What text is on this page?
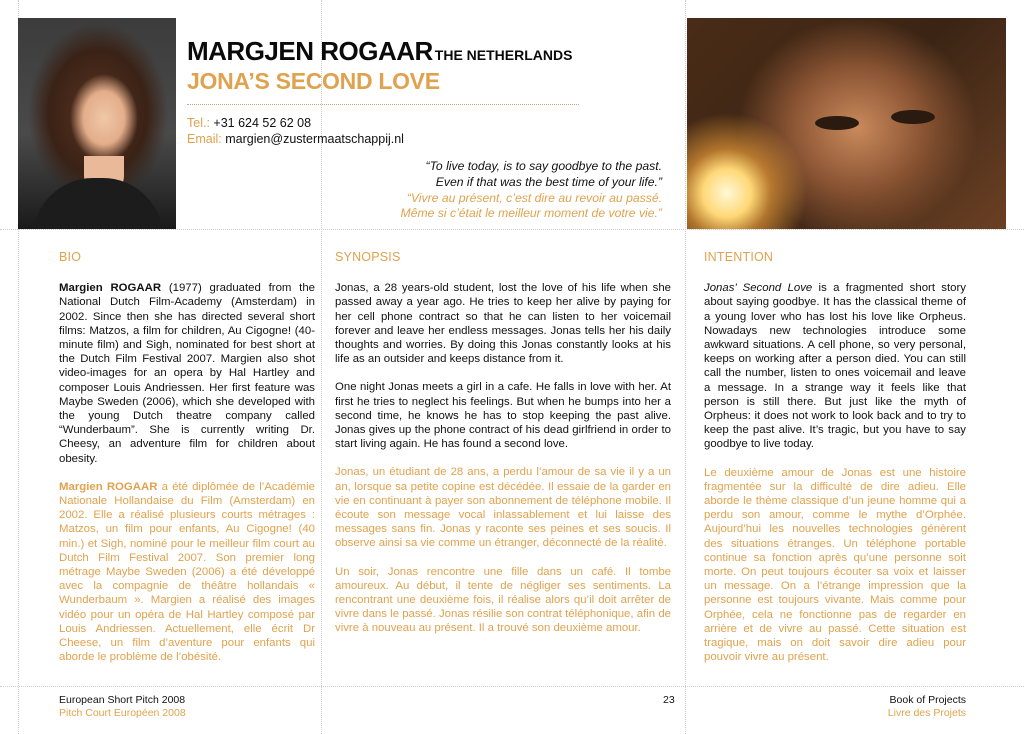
MARGJEN ROGAAR THE NETHERLANDS
JONA’S SECOND LOVE
Tel.: +31 624 52 62 08
Email: margien@zustermaatschappij.nl
“To live today, is to say goodbye to the past.
Even if that was the best time of your life.”
“Vivre au présent, c’est dire au revoir au passé.
Même si c’était le meilleur moment de votre vie.”
BIO

Margien ROGAAR (1977) graduated from the National Dutch Film-Academy (Amsterdam) in 2002. Since then she has directed several short films: Matzos, a film for children, Au Cigogne! (40-minute film) and Sigh, nominated for best short at the Dutch Film Festival 2007. Margien also shot video-images for an opera by Hal Hartley and composer Louis Andriessen. Her first feature was Maybe Sweden (2006), which she developed with the young Dutch theatre company called “Wunderbaum”. She is currently writing Dr. Cheesy, an adventure film for children about obesity.

Margien ROGAAR a été diplômée de l’Académie Nationale Hollandaise du Film (Amsterdam) en 2002. Elle a réalisé plusieurs courts métrages : Matzos, un film pour enfants, Au Cigogne! (40 min.) et Sigh, nominé pour le meilleur film court au Dutch Film Festival 2007. Son premier long métrage Maybe Sweden (2006) a été développé avec la compagnie de théâtre hollandais « Wunderbaum ». Margien a réalisé des images vidéo pour un opéra de Hal Hartley composé par Louis Andriessen. Actuellement, elle écrit Dr Cheese, un film d’aventure pour enfants qui aborde le problème de l’obésité.

SYNOPSIS

Jonas, a 28 years-old student, lost the love of his life when she passed away a year ago. He tries to keep her alive by paying for her cell phone contract so that he can listen to her voicemail forever and leave her endless messages. Jonas tells her his daily thoughts and worries. By doing this Jonas constantly looks at his life as an outsider and keeps distance from it.

One night Jonas meets a girl in a cafe. He falls in love with her. At first he tries to neglect his feelings. But when he bumps into her a second time, he knows he has to stop keeping the past alive. Jonas gives up the phone contract of his dead girlfriend in order to start living again. He has found a second love.

Jonas, un étudiant de 28 ans, a perdu l’amour de sa vie il y a un an, lorsque sa petite copine est décédée. Il essaie de la garder en vie en continuant à payer son abonnement de téléphone mobile. Il écoute son message vocal inlassablement et lui laisse des messages sans fin. Jonas y raconte ses peines et ses soucis. Il observe ainsi sa vie comme un étranger, déconnecté de la réalité.

Un soir, Jonas rencontre une fille dans un café. Il tombe amoureux. Au début, il tente de négliger ses sentiments. La rencontrant une deuxième fois, il réalise alors qu’il doit arrêter de vivre dans le passé. Jonas résilie son contrat téléphonique, afin de vivre à nouveau au présent. Il a trouvé son deuxième amour.

INTENTION

Jonas’ Second Love is a fragmented short story about saying goodbye. It has the classical theme of a young lover who has lost his love like Orpheus. Nowadays new technologies introduce some awkward situations. A cell phone, so very personal, keeps on working after a person died. You can still call the number, listen to ones voicemail and leave a message. In a strange way it feels like that person is still there. But just like the myth of Orpheus: it does not work to look back and to try to keep the past alive. It’s tragic, but you have to say goodbye to live today.

Le deuxième amour de Jonas est une histoire fragmentée sur la difficulté de dire adieu. Elle aborde le thème classique d’un jeune homme qui a perdu son amour, comme le mythe d’Orphée. Aujourd’hui les nouvelles technologies génèrent des situations étranges. Un téléphone portable continue sa fonction après qu’une personne soit morte. On peut toujours écouter sa voix et laisser un message. On a l’étrange impression que la personne est toujours vivante. Mais comme pour Orphée, cela ne fonctionne pas de regarder en arrière et de vivre au passé. Cette situation est tragique, mais on doit savoir dire adieu pour pouvoir vivre au présent.

European Short Pitch 2008
Pitch Court Européen 2008
23	Book of Projects
Livre des Projets
